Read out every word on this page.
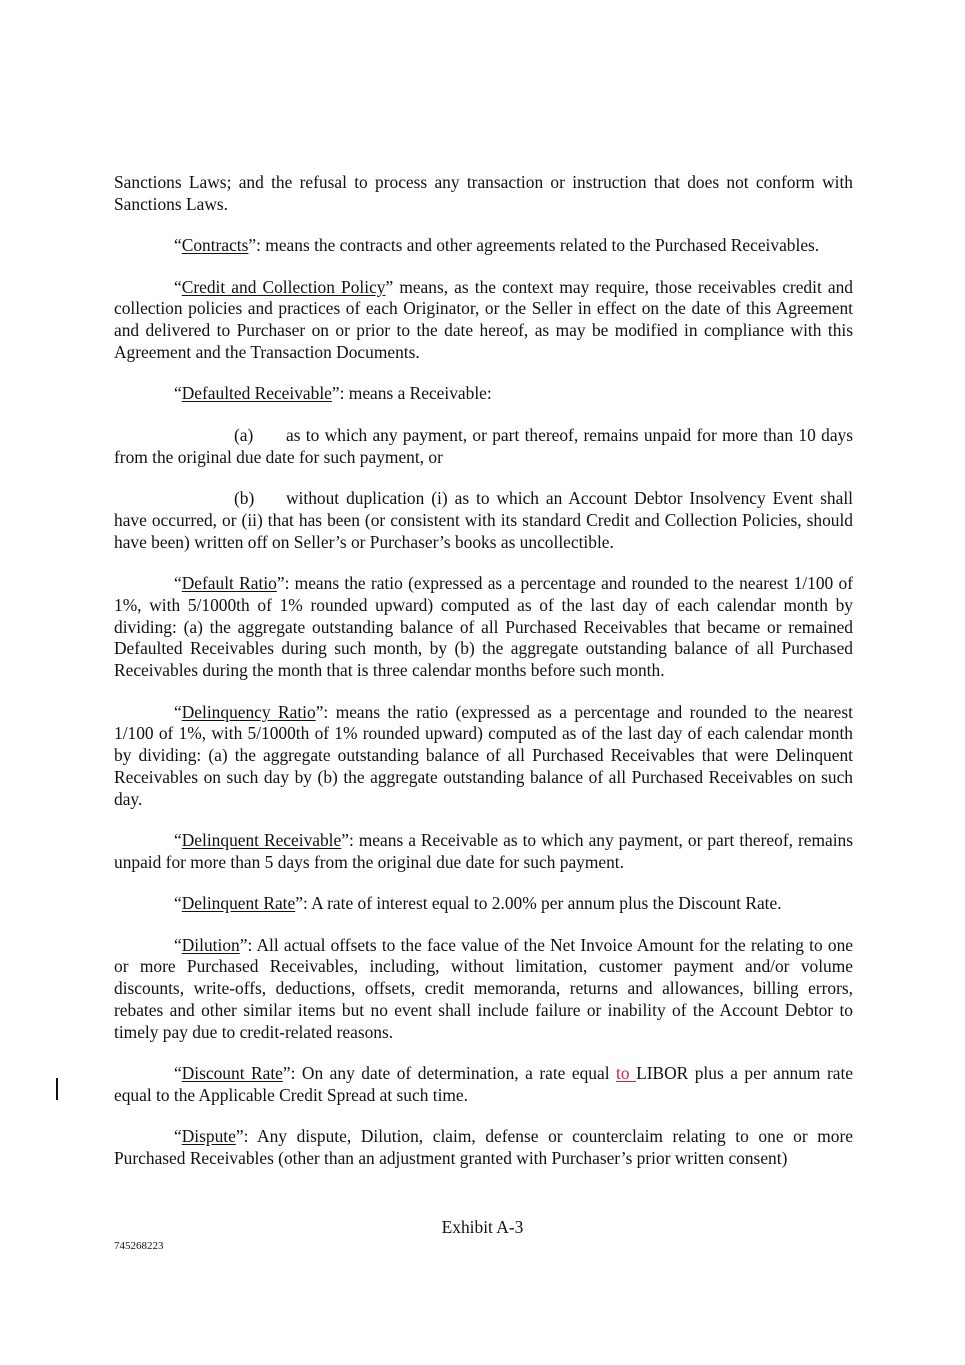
Sanctions Laws; and the refusal to process any transaction or instruction that does not conform with Sanctions Laws.

“Contracts”: means the contracts and other agreements related to the Purchased Receivables.

“Credit and Collection Policy” means, as the context may require, those receivables credit and collection policies and practices of each Originator, or the Seller in effect on the date of this Agreement and delivered to Purchaser on or prior to the date hereof, as may be modified in compliance with this Agreement and the Transaction Documents.

“Defaulted Receivable”: means a Receivable:

(a) as to which any payment, or part thereof, remains unpaid for more than 10 days from the original due date for such payment, or

(b) without duplication (i) as to which an Account Debtor Insolvency Event shall have occurred, or (ii) that has been (or consistent with its standard Credit and Collection Policies, should have been) written off on Seller’s or Purchaser’s books as uncollectible.

“Default Ratio”: means the ratio (expressed as a percentage and rounded to the nearest 1/100 of 1%, with 5/1000th of 1% rounded upward) computed as of the last day of each calendar month by dividing: (a) the aggregate outstanding balance of all Purchased Receivables that became or remained Defaulted Receivables during such month, by (b) the aggregate outstanding balance of all Purchased Receivables during the month that is three calendar months before such month.

“Delinquency Ratio”: means the ratio (expressed as a percentage and rounded to the nearest 1/100 of 1%, with 5/1000th of 1% rounded upward) computed as of the last day of each calendar month by dividing: (a) the aggregate outstanding balance of all Purchased Receivables that were Delinquent Receivables on such day by (b) the aggregate outstanding balance of all Purchased Receivables on such day.

“Delinquent Receivable”: means a Receivable as to which any payment, or part thereof, remains unpaid for more than 5 days from the original due date for such payment.

“Delinquent Rate”: A rate of interest equal to 2.00% per annum plus the Discount Rate.

“Dilution”: All actual offsets to the face value of the Net Invoice Amount for the relating to one or more Purchased Receivables, including, without limitation, customer payment and/or volume discounts, write-offs, deductions, offsets, credit memoranda, returns and allowances, billing errors, rebates and other similar items but no event shall include failure or inability of the Account Debtor to timely pay due to credit-related reasons.

“Discount Rate”: On any date of determination, a rate equal to LIBOR plus a per annum rate equal to the Applicable Credit Spread at such time.

“Dispute”: Any dispute, Dilution, claim, defense or counterclaim relating to one or more Purchased Receivables (other than an adjustment granted with Purchaser’s prior written consent)

Exhibit A-3
745268223
